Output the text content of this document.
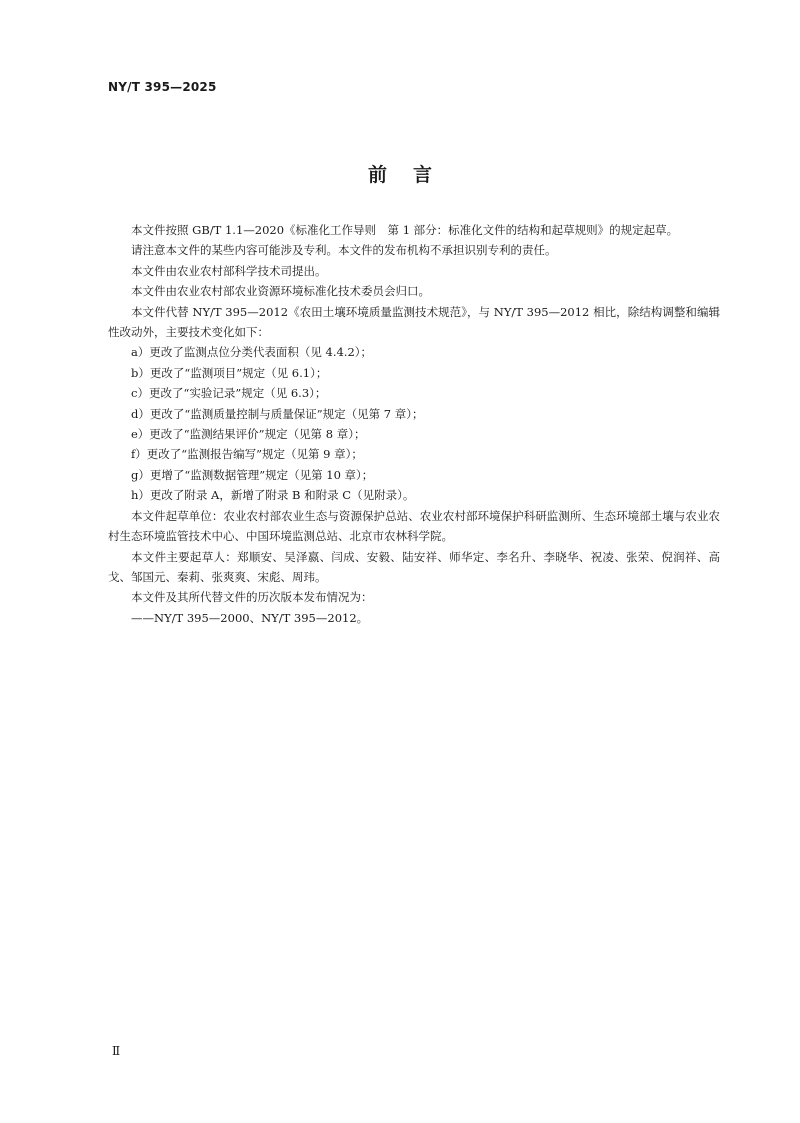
NY/T 395—2025
前言

本文件按照 GB/T 1.1—2020《标准化工作导则　第 1 部分：标准化文件的结构和起草规则》的规定起草。

请注意本文件的某些内容可能涉及专利。本文件的发布机构不承担识别专利的责任。

本文件由农业农村部科学技术司提出。

本文件由农业农村部农业资源环境标准化技术委员会归口。

本文件代替 NY/T 395—2012《农田土壤环境质量监测技术规范》，与 NY/T 395—2012 相比，除结构调整和编辑性改动外，主要技术变化如下：

a）更改了监测点位分类代表面积（见 4.4.2）；

b）更改了“监测项目”规定（见 6.1）；

c）更改了“实验记录”规定（见 6.3）；

d）更改了“监测质量控制与质量保证”规定（见第 7 章）；

e）更改了“监测结果评价”规定（见第 8 章）；

f）更改了“监测报告编写”规定（见第 9 章）；

g）更增了“监测数据管理”规定（见第 10 章）；

h）更改了附录 A，新增了附录 B 和附录 C（见附录）。

本文件起草单位：农业农村部农业生态与资源保护总站、农业农村部环境保护科研监测所、生态环境部土壤与农业农村生态环境监管技术中心、中国环境监测总站、北京市农林科学院。

本文件主要起草人：郑顺安、吴泽嬴、闫成、安毅、陆安祥、师华定、李名升、李晓华、祝凌、张荣、倪润祥、高戈、邹国元、秦莉、张爽爽、宋彪、周玮。

本文件及其所代替文件的历次版本发布情况为：

——NY/T 395—2000、NY/T 395—2012。

Ⅱ
